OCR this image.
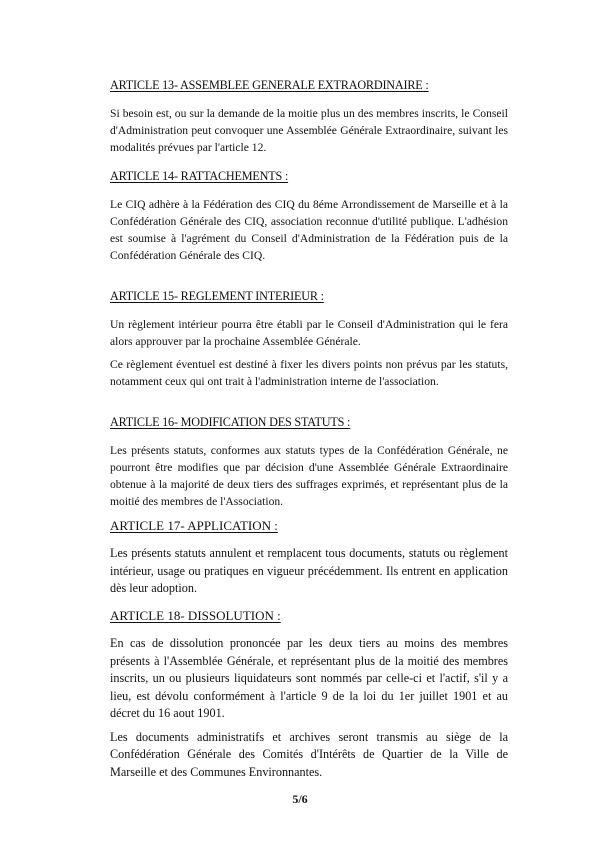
ARTICLE 13- ASSEMBLEE GENERALE EXTRAORDINAIRE :

Si besoin est, ou sur la demande de la moitie plus un des membres inscrits, le Conseil d'Administration peut convoquer une Assemblée Générale Extraordinaire, suivant les modalités prévues par l'article 12.

ARTICLE 14- RATTACHEMENTS :

Le CIQ adhère à la Fédération des CIQ du 8éme Arrondissement de Marseille et à la Confédération Générale des CIQ, association reconnue d'utilité publique. L'adhésion est soumise à l'agrément du Conseil d'Administration de la Fédération puis de la Confédération Générale des CIQ.

ARTICLE 15- REGLEMENT INTERIEUR :

Un règlement intérieur pourra être établi par le Conseil d'Administration qui le fera alors approuver par la prochaine Assemblée Générale.

Ce règlement éventuel est destiné à fixer les divers points non prévus par les statuts, notamment ceux qui ont trait à l'administration interne de l'association.

ARTICLE 16- MODIFICATION DES STATUTS :

Les présents statuts, conformes aux statuts types de la Confédération Générale, ne pourront être modifies que par décision d'une Assemblée Générale Extraordinaire obtenue à la majorité de deux tiers des suffrages exprimés, et représentant plus de la moitié des membres de l'Association.

ARTICLE 17- APPLICATION :

Les présents statuts annulent et remplacent tous documents, statuts ou règlement intérieur, usage ou pratiques en vigueur précédemment. Ils entrent en application dès leur adoption.

ARTICLE 18- DISSOLUTION :

En cas de dissolution prononcée par les deux tiers au moins des membres présents à l'Assemblée Générale, et représentant plus de la moitié des membres inscrits, un ou plusieurs liquidateurs sont nommés par celle-ci et l'actif, s'il y a lieu, est dévolu conformément à l'article 9 de la loi du 1er juillet 1901 et au décret du 16 aout 1901.

Les documents administratifs et archives seront transmis au siège de la Confédération Générale des Comités d'Intérêts de Quartier de la Ville de Marseille et des Communes Environnantes.

5/6
